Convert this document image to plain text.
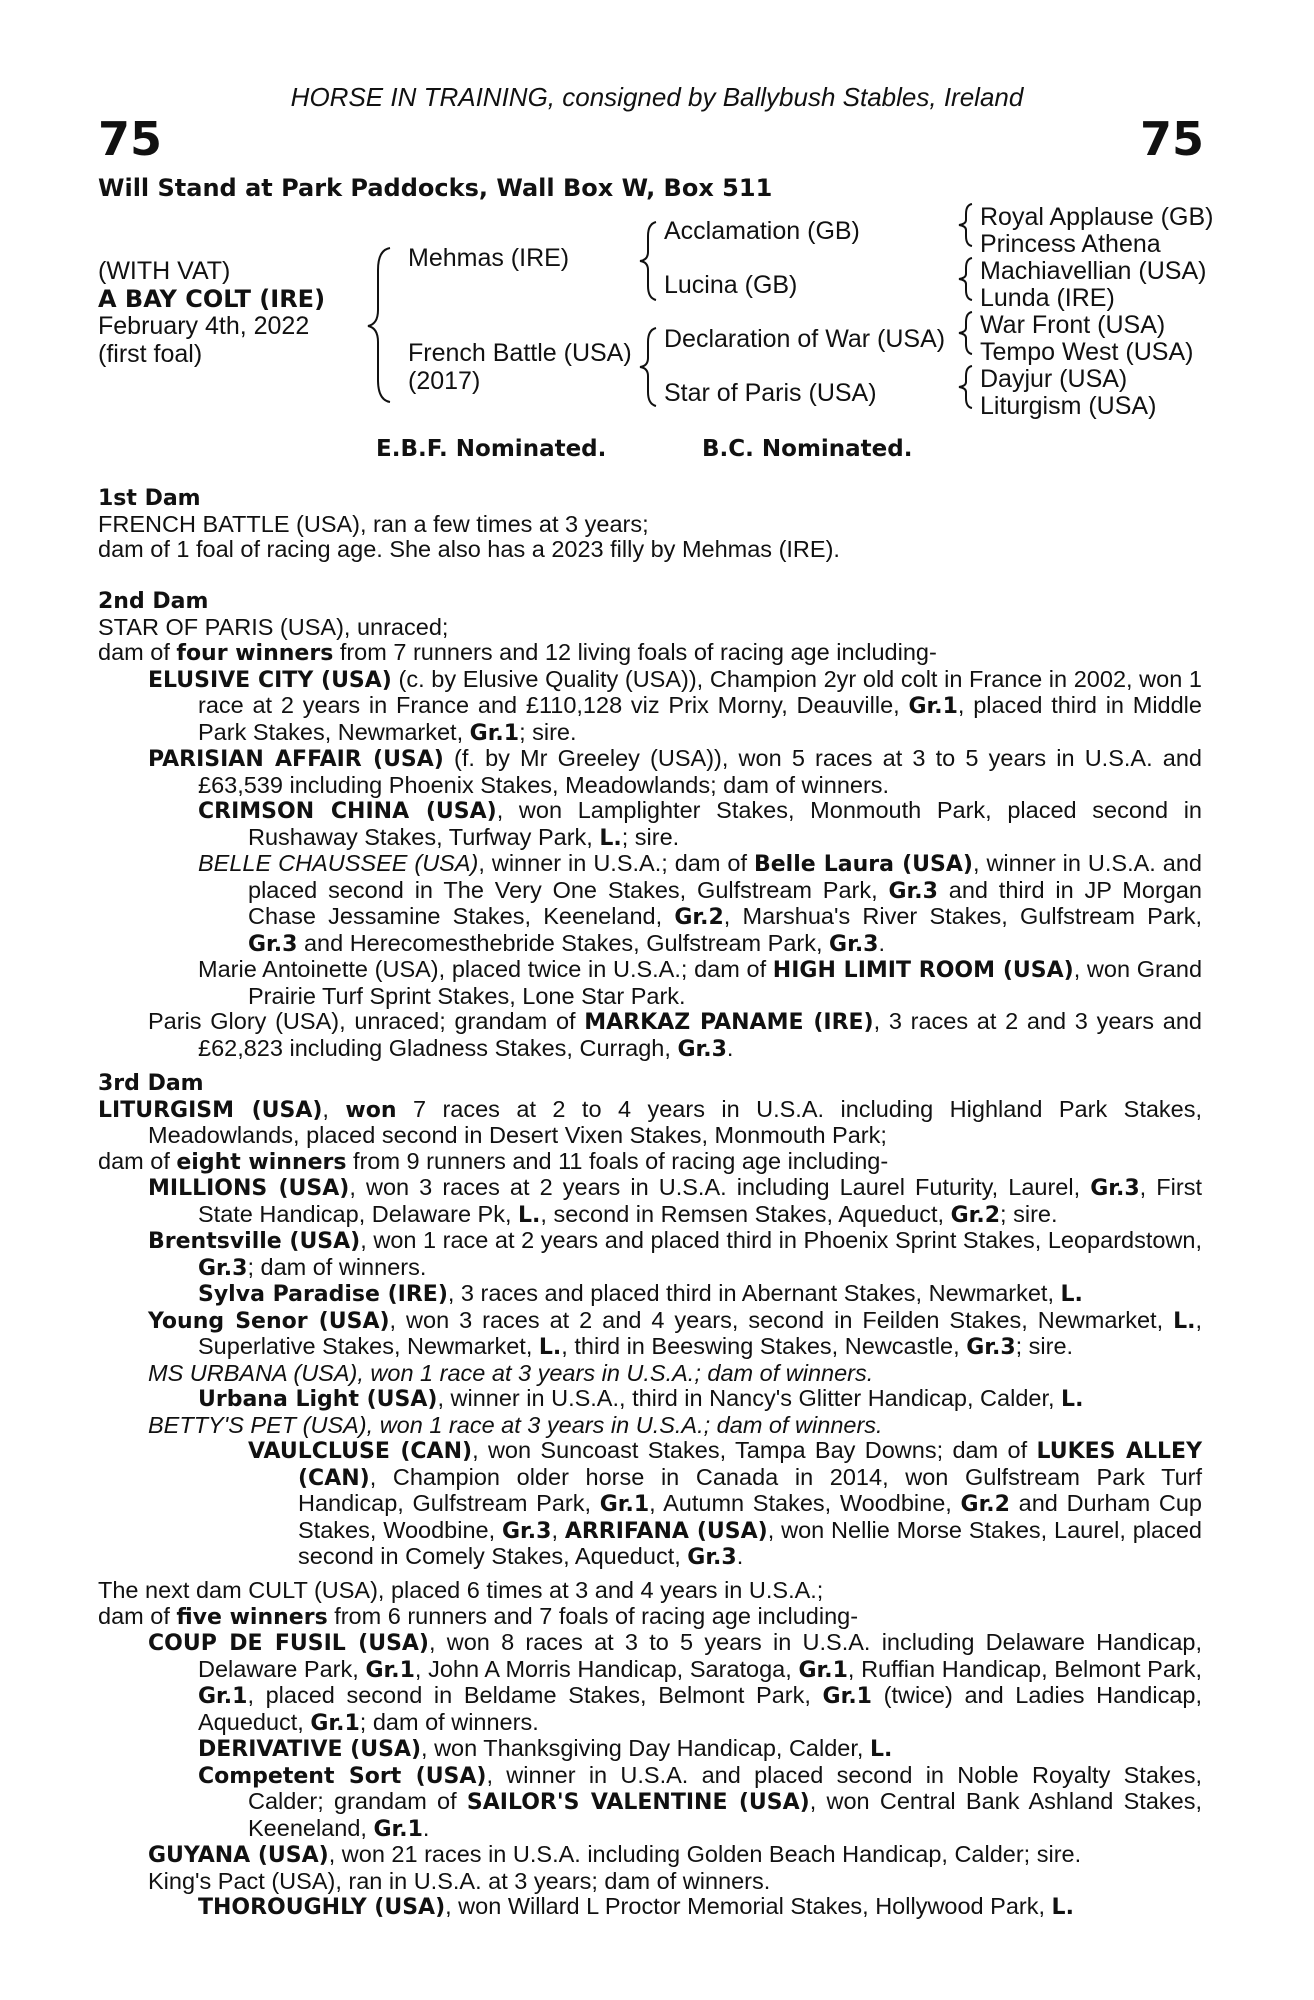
HORSE IN TRAINING, consigned by Ballybush Stables, Ireland
75	75
Will Stand at Park Paddocks, Wall Box W, Box 511
(WITH VAT)
A BAY COLT (IRE)
February 4th, 2022
(first foal)
Mehmas (IRE)
French Battle (USA)
(2017)
Acclamation (GB)
Lucina (GB)
Declaration of War (USA)
Star of Paris (USA)
Royal Applause (GB)
Princess Athena
Machiavellian (USA)
Lunda (IRE)
War Front (USA)
Tempo West (USA)
Dayjur (USA)
Liturgism (USA)
E.B.F. Nominated.	B.C. Nominated.

1st Dam

FRENCH BATTLE (USA), ran a few times at 3 years;

dam of 1 foal of racing age. She also has a 2023 filly by Mehmas (IRE).

2nd Dam

STAR OF PARIS (USA), unraced;

dam of four winners from 7 runners and 12 living foals of racing age including-

ELUSIVE CITY (USA) (c. by Elusive Quality (USA)), Champion 2yr old colt in France in 2002, won 1 race at 2 years in France and £110,128 viz Prix Morny, Deauville, Gr.1, placed third in Middle Park Stakes, Newmarket, Gr.1; sire.

PARISIAN AFFAIR (USA) (f. by Mr Greeley (USA)), won 5 races at 3 to 5 years in U.S.A. and £63,539 including Phoenix Stakes, Meadowlands; dam of winners.

CRIMSON CHINA (USA), won Lamplighter Stakes, Monmouth Park, placed second in Rushaway Stakes, Turfway Park, L.; sire.

BELLE CHAUSSEE (USA), winner in U.S.A.; dam of Belle Laura (USA), winner in U.S.A. and placed second in The Very One Stakes, Gulfstream Park, Gr.3 and third in JP Morgan Chase Jessamine Stakes, Keeneland, Gr.2, Marshua's River Stakes, Gulfstream Park, Gr.3 and Herecomesthebride Stakes, Gulfstream Park, Gr.3.

Marie Antoinette (USA), placed twice in U.S.A.; dam of HIGH LIMIT ROOM (USA), won Grand Prairie Turf Sprint Stakes, Lone Star Park.

Paris Glory (USA), unraced; grandam of MARKAZ PANAME (IRE), 3 races at 2 and 3 years and £62,823 including Gladness Stakes, Curragh, Gr.3.

3rd Dam

LITURGISM (USA), won 7 races at 2 to 4 years in U.S.A. including Highland Park Stakes, Meadowlands, placed second in Desert Vixen Stakes, Monmouth Park;

dam of eight winners from 9 runners and 11 foals of racing age including-

MILLIONS (USA), won 3 races at 2 years in U.S.A. including Laurel Futurity, Laurel, Gr.3, First State Handicap, Delaware Pk, L., second in Remsen Stakes, Aqueduct, Gr.2; sire.

Brentsville (USA), won 1 race at 2 years and placed third in Phoenix Sprint Stakes, Leopardstown, Gr.3; dam of winners.

Sylva Paradise (IRE), 3 races and placed third in Abernant Stakes, Newmarket, L.

Young Senor (USA), won 3 races at 2 and 4 years, second in Feilden Stakes, Newmarket, L., Superlative Stakes, Newmarket, L., third in Beeswing Stakes, Newcastle, Gr.3; sire.

MS URBANA (USA), won 1 race at 3 years in U.S.A.; dam of winners.

Urbana Light (USA), winner in U.S.A., third in Nancy's Glitter Handicap, Calder, L.

BETTY'S PET (USA), won 1 race at 3 years in U.S.A.; dam of winners.

VAULCLUSE (CAN), won Suncoast Stakes, Tampa Bay Downs; dam of LUKES ALLEY (CAN), Champion older horse in Canada in 2014, won Gulfstream Park Turf Handicap, Gulfstream Park, Gr.1, Autumn Stakes, Woodbine, Gr.2 and Durham Cup Stakes, Woodbine, Gr.3, ARRIFANA (USA), won Nellie Morse Stakes, Laurel, placed second in Comely Stakes, Aqueduct, Gr.3.

The next dam CULT (USA), placed 6 times at 3 and 4 years in U.S.A.;

dam of five winners from 6 runners and 7 foals of racing age including-

COUP DE FUSIL (USA), won 8 races at 3 to 5 years in U.S.A. including Delaware Handicap, Delaware Park, Gr.1, John A Morris Handicap, Saratoga, Gr.1, Ruffian Handicap, Belmont Park, Gr.1, placed second in Beldame Stakes, Belmont Park, Gr.1 (twice) and Ladies Handicap, Aqueduct, Gr.1; dam of winners.

DERIVATIVE (USA), won Thanksgiving Day Handicap, Calder, L.

Competent Sort (USA), winner in U.S.A. and placed second in Noble Royalty Stakes, Calder; grandam of SAILOR'S VALENTINE (USA), won Central Bank Ashland Stakes, Keeneland, Gr.1.

GUYANA (USA), won 21 races in U.S.A. including Golden Beach Handicap, Calder; sire.

King's Pact (USA), ran in U.S.A. at 3 years; dam of winners.

THOROUGHLY (USA), won Willard L Proctor Memorial Stakes, Hollywood Park, L.
